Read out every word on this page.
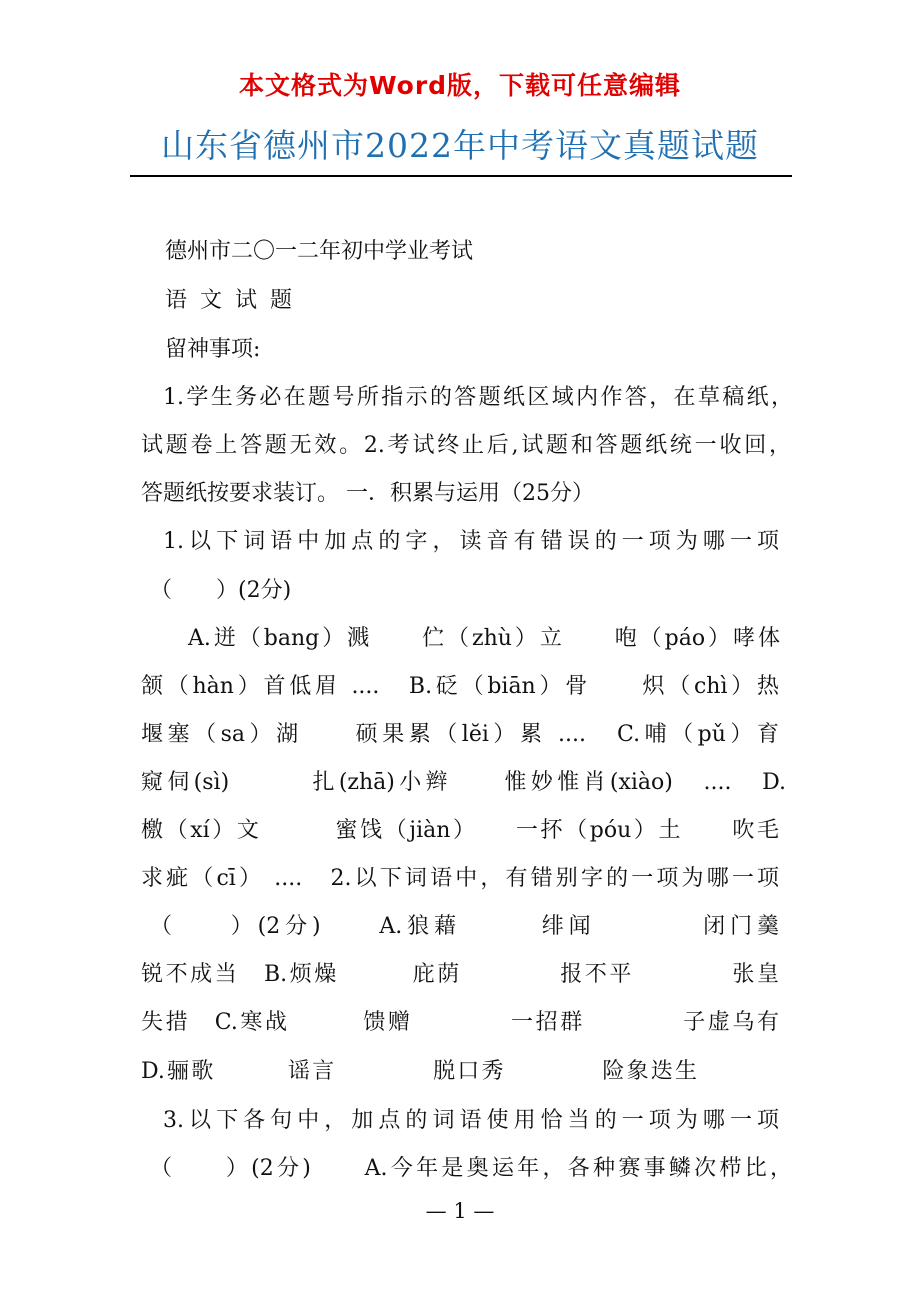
本文格式为Word版，下载可任意编辑
山东省德州市2022年中考语文真题试题
德州市二〇一二年初中学业考试
语 文 试 题
留神事项:
1.学生务必在题号所指示的答题纸区域内作答，在草稿纸，
试题卷上答题无效。2.考试终止后,试题和答题纸统一收回，
答题纸按要求装订。 一．积累与运用（25分）
1.以下词语中加点的字，读音有错误的一项为哪一项
（　　）(2分)
A.迸（bang）溅　　伫（zhù）立　　咆（páo）哮体
颔（hàn）首低眉 ....　B.砭（biān）骨　　炽（chì）热
堰塞（sa）湖　　硕果累（lĕi）累 ....　C.哺（pǔ）育
窥伺(sì)　　　扎(zhā)小辫　　惟妙惟肖(xiào)　....　D.
檄（xí）文　　　蜜饯（jiàn）　　一抔（póu）土　　吹毛
求疵（cī） ....　2.以下词语中，有错别字的一项为哪一项
（　　）(2分)　　A.狼藉　　　绯闻　　　　闭门羹
锐不成当　B.烦燥　　　庇荫　　　　报不平　　　　张皇
失措　C.寒战　　　馈赠　　　　一招群　　　　子虚乌有
D.骊歌　　　谣言　　　　脱口秀　　　　险象迭生
3.以下各句中，加点的词语使用恰当的一项为哪一项
（　　）(2分)　　A.今年是奥运年，各种赛事鳞次栉比，
— 1 —
